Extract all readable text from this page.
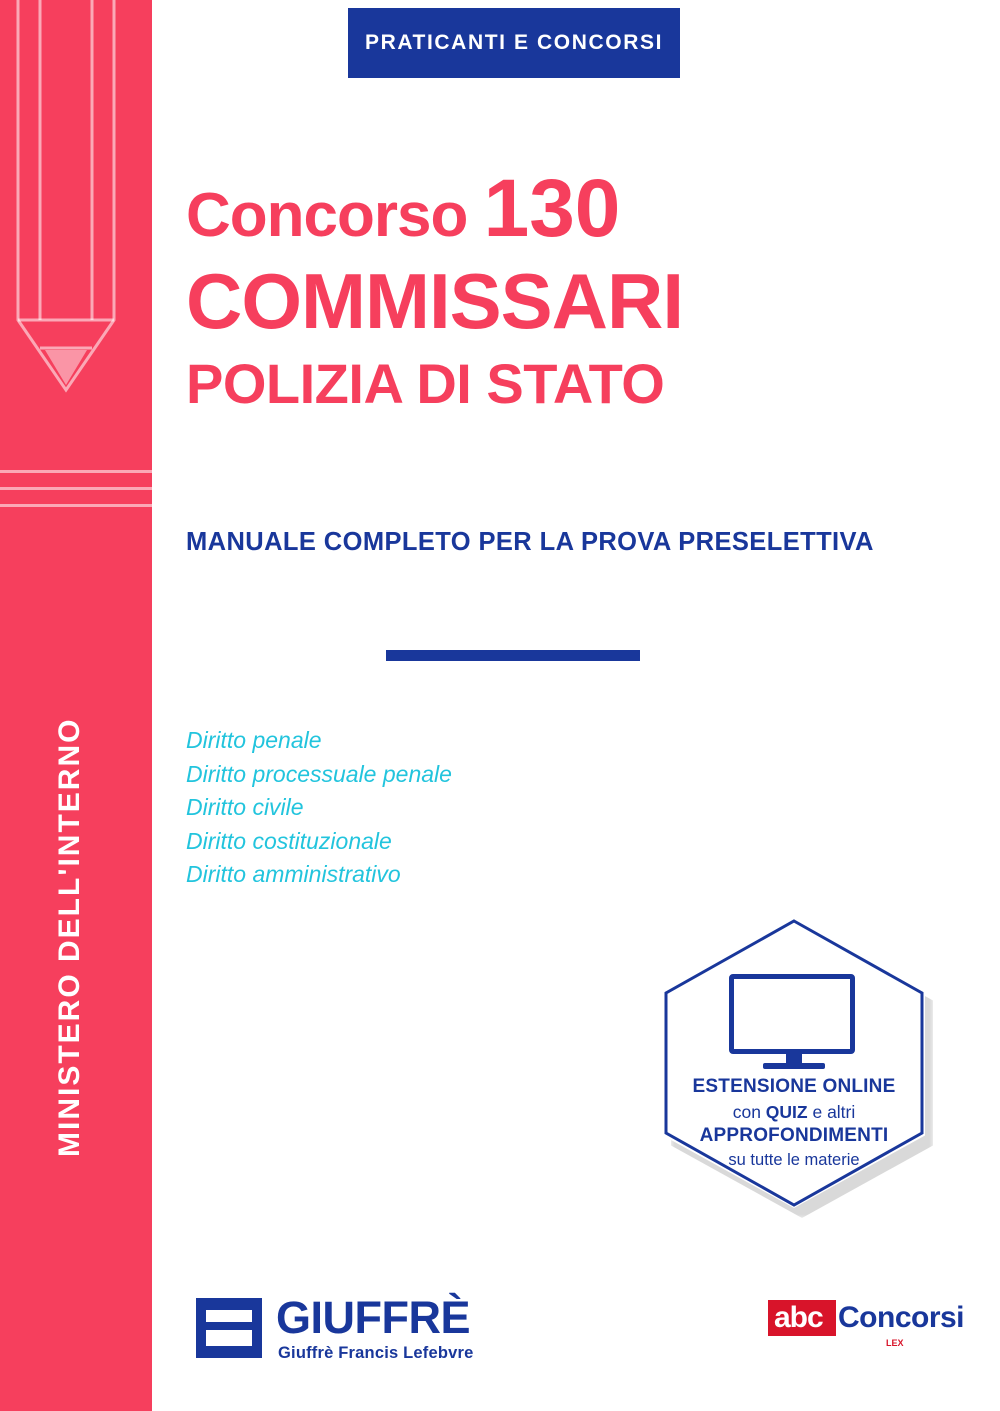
MINISTERO DELL'INTERNO
PRATICANTI E CONCORSI
Concorso 130
COMMISSARI
POLIZIA DI STATO
MANUALE COMPLETO PER LA PROVA PRESELETTIVA
Diritto penale
Diritto processuale penale
Diritto civile
Diritto costituzionale
Diritto amministrativo
ESTENSIONE ONLINE
con QUIZ e altri
APPROFONDIMENTI
su tutte le materie
GIUFFRÈ
Giuffrè Francis Lefebvre
abc Concorsi
LEX
